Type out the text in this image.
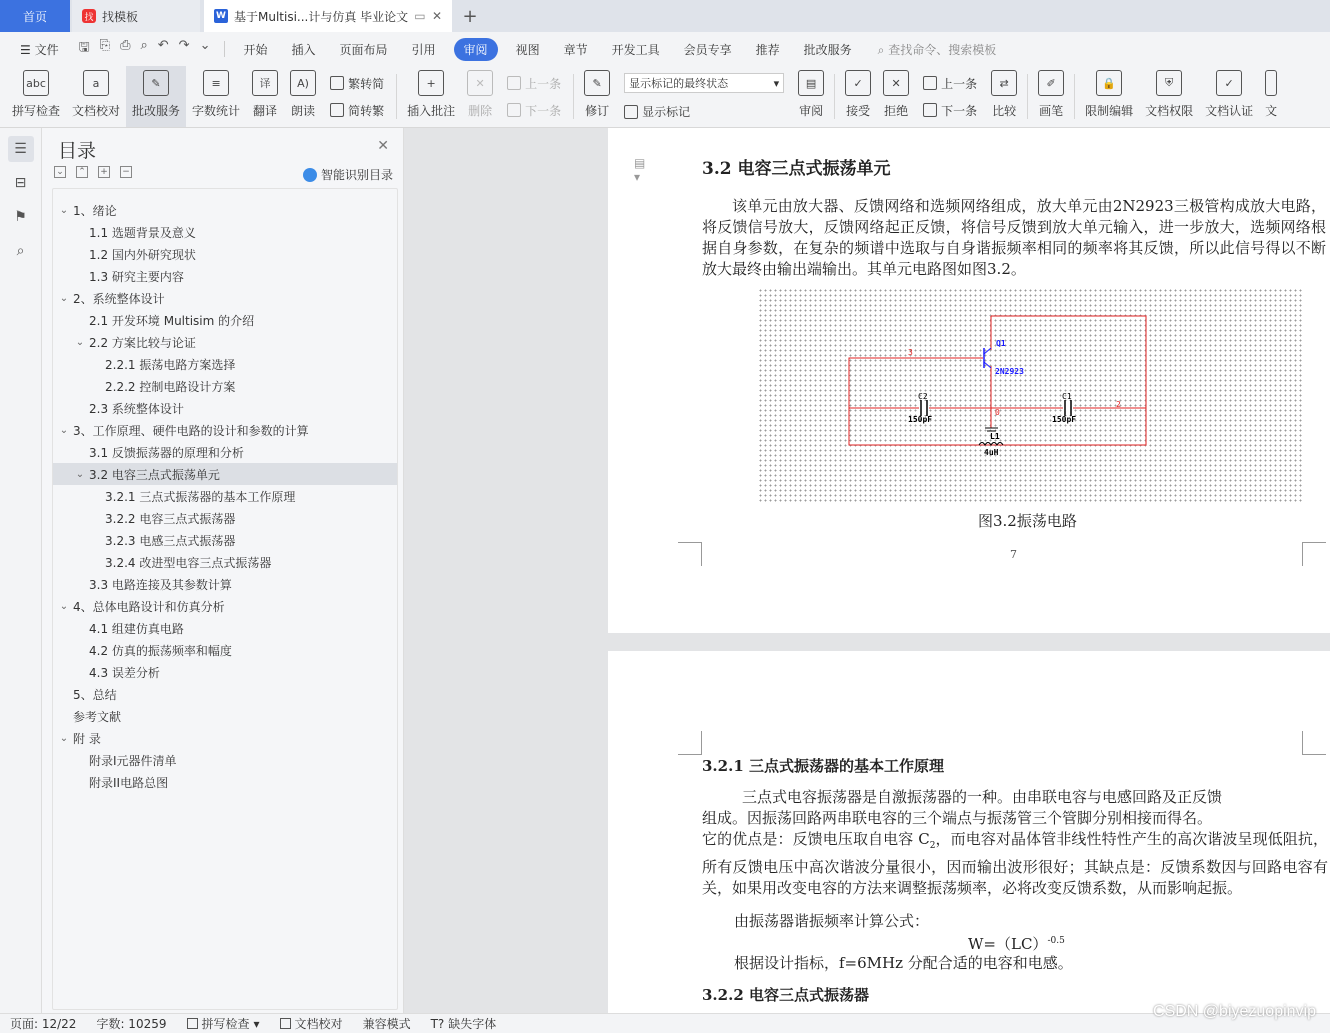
首页	找 找模板	W 基于Multisi...计与仿真 毕业论文 ▭ ✕ +
☰ 文件	🖫 ⎘ ⎙ ⌕ ↶ ↷ ⌄	开始	插入	页面布局	引用	审阅	视图	章节	开发工具	会员专享	推荐	批改服务	⌕ 查找命令、搜索模板
abc
拼写检查
a
文档校对
✎
批改服务
≡
字数统计
译
翻译
A)
朗读
繁转简
简转繁
+
插入批注
✕
删除
上一条
下一条
✎
修订
显示标记的最终状态	▾
显示标记
▤
审阅
✓
接受
✕
拒绝
上一条
下一条
⇄
比较
✐
画笔
🔒
限制编辑
⛨
文档权限
✓
文档认证 文
☰
⊟
⚑
⌕
目录	✕
⌄ ⌃ + −	智能识别目录
⌄ 1、绪论
1.1 选题背景及意义
1.2 国内外研究现状
1.3 研究主要内容
⌄ 2、系统整体设计
2.1 开发环境 Multisim 的介绍
⌄ 2.2 方案比较与论证
2.2.1 振荡电路方案选择
2.2.2 控制电路设计方案
2.3 系统整体设计
⌄ 3、工作原理、硬件电路的设计和参数的计算
3.1 反馈振荡器的原理和分析
⌄ 3.2 电容三点式振荡单元
3.2.1 三点式振荡器的基本工作原理
3.2.2 电容三点式振荡器
3.2.3 电感三点式振荡器
3.2.4 改进型电容三点式振荡器
3.3 电路连接及其参数计算
⌄ 4、总体电路设计和仿真分析
4.1 组建仿真电路
4.2 仿真的振荡频率和幅度
4.3 误差分析
5、总结
参考文献
⌄ 附 录
附录I元器件清单
附录II电路总图
▤ ▾	3.2 电容三点式振荡单元
该单元由放大器、反馈网络和选频网络组成，放大单元由2N2923三极管构成放大电路，将反馈信号放大，反馈网络起正反馈，将信号反馈到放大单元输入，进一步放大，选频网络根据自身参数，在复杂的频谱中选取与自身谐振频率相同的频率将其反馈，所以此信号得以不断放大最终由输出端输出。其单元电路图如图3.2。
Q1
2N2923
C2
150pF
C1
150pF
L1
4uH
3
0
2
图3.2振荡电路
7
3.2.1 三点式振荡器的基本工作原理
三点式电容振荡器是自激振荡器的一种。由串联电容与电感回路及正反馈
组成。因振荡回路两串联电容的三个端点与振荡管三个管脚分别相接而得名。
它的优点是：反馈电压取自电容 $C_2$，而电容对晶体管非线性特性产生的高次谐波呈现低阻抗，所有反馈电压中高次谐波分量很小，因而输出波形很好；其缺点是：反馈系数因与回路电容有关，如果用改变电容的方法来调整振荡频率，必将改变反馈系数，从而影响起振。
由振荡器谐振频率计算公式：
W=（LC）$^{-0.5}$
根据设计指标，f=6MHz 分配合适的电容和电感。
3.2.2 电容三点式振荡器
页面: 12/22	字数: 10259	拼写检查 ▾	文档校对	兼容模式	T? 缺失字体
CSDN @biyezuopinvip
